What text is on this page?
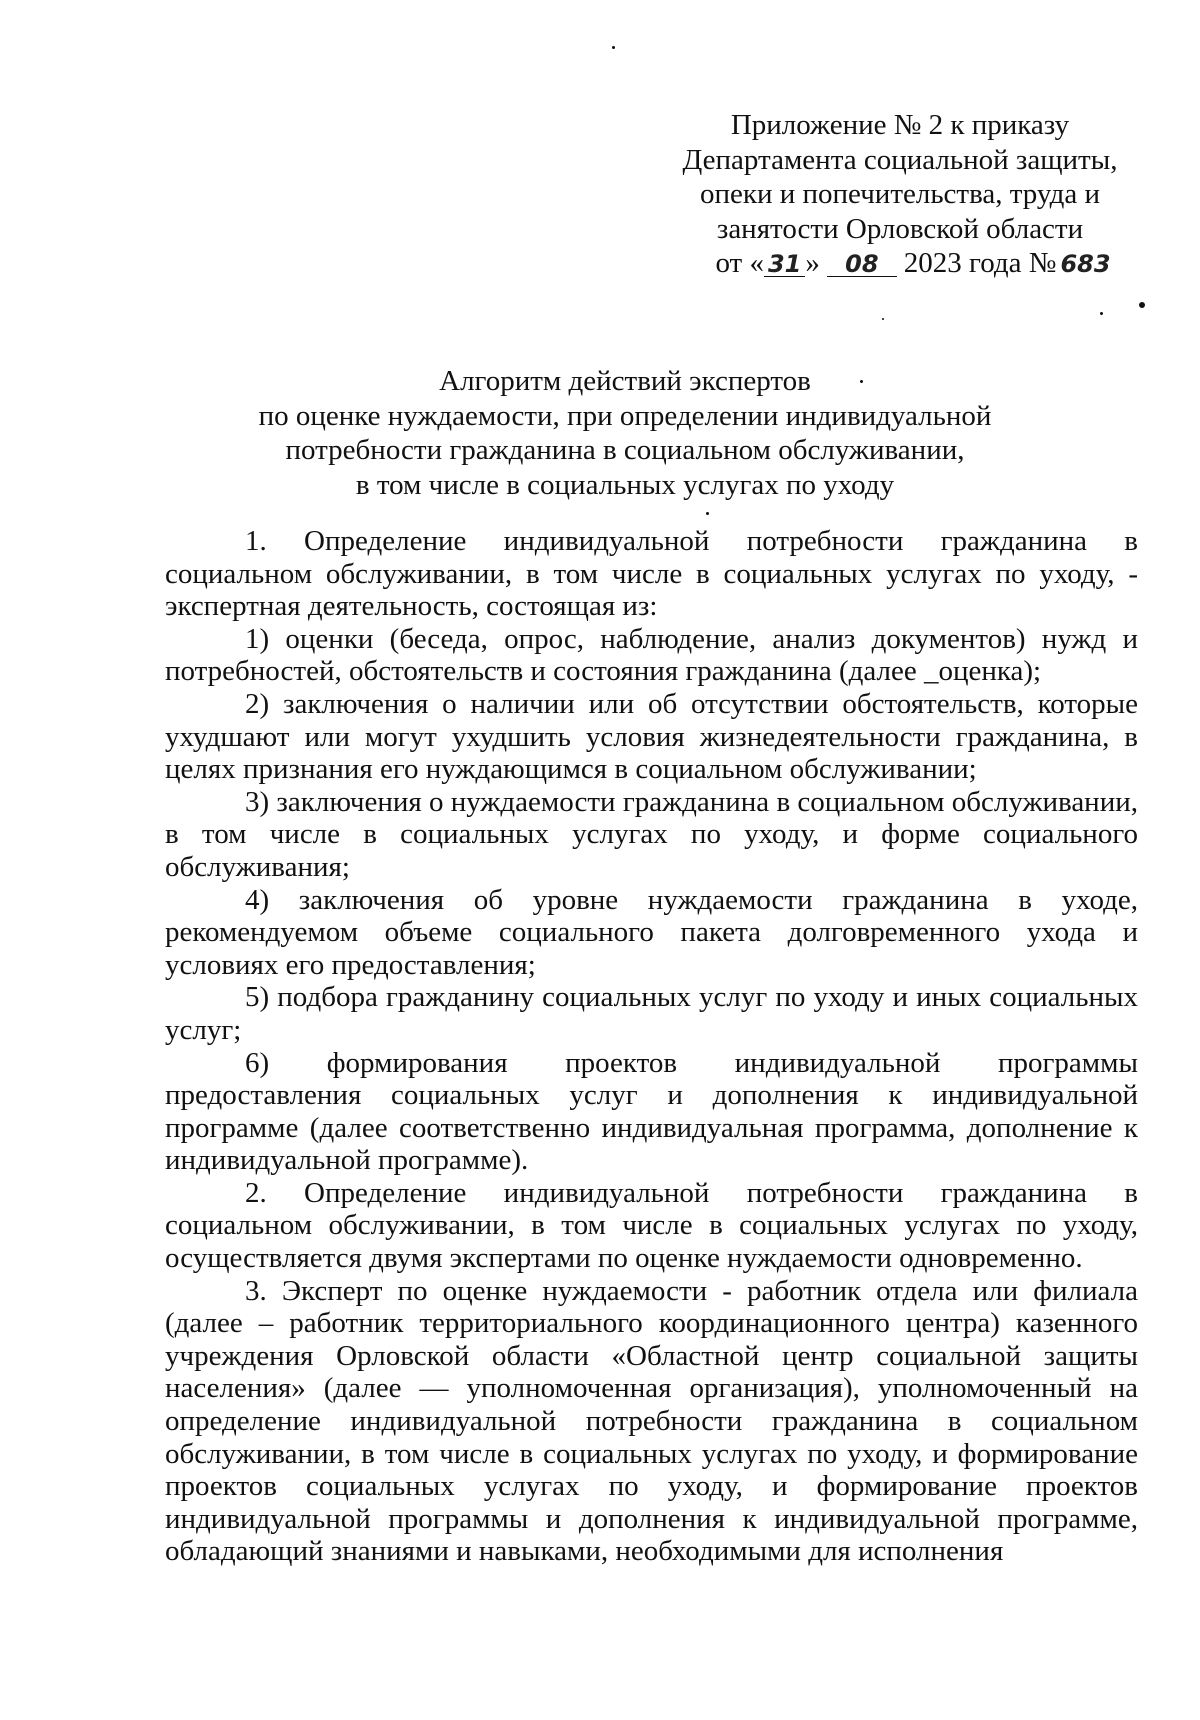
Приложение № 2 к приказу
Департамента социальной защиты,
опеки и попечительства, труда и
занятости Орловской области
от « 31 » 08 2023 года № 683
Алгоритм действий экспертов
по оценке нуждаемости, при определении индивидуальной
потребности гражданина в социальном обслуживании,
в том числе в социальных услугах по уходу

1. Определение индивидуальной потребности гражданина в социальном обслуживании, в том числе в социальных услугах по уходу, - экспертная деятельность, состоящая из:

1) оценки (беседа, опрос, наблюдение, анализ документов) нужд и потребностей, обстоятельств и состояния гражданина (далее _оценка);

2) заключения о наличии или об отсутствии обстоятельств, которые ухудшают или могут ухудшить условия жизнедеятельности гражданина, в целях признания его нуждающимся в социальном обслуживании;

3) заключения о нуждаемости гражданина в социальном обслуживании, в том числе в социальных услугах по уходу, и форме социального обслуживания;

4) заключения об уровне нуждаемости гражданина в уходе, рекомендуемом объеме социального пакета долговременного ухода и условиях его предоставления;

5) подбора гражданину социальных услуг по уходу и иных социальных услуг;

6) формирования проектов индивидуальной программы предоставления социальных услуг и дополнения к индивидуальной программе (далее соответственно индивидуальная программа, дополнение к индивидуальной программе).

2. Определение индивидуальной потребности гражданина в социальном обслуживании, в том числе в социальных услугах по уходу, осуществляется двумя экспертами по оценке нуждаемости одновременно.

3. Эксперт по оценке нуждаемости - работник отдела или филиала (далее – работник территориального координационного центра) казенного учреждения Орловской области «Областной центр социальной защиты населения» (далее — уполномоченная организация), уполномоченный на определение индивидуальной потребности гражданина в социальном обслуживании, в том числе в социальных услугах по уходу, и формирование проектов социальных услугах по уходу, и формирование проектов индивидуальной программы и дополнения к индивидуальной программе, обладающий знаниями и навыками, необходимыми для исполнения
